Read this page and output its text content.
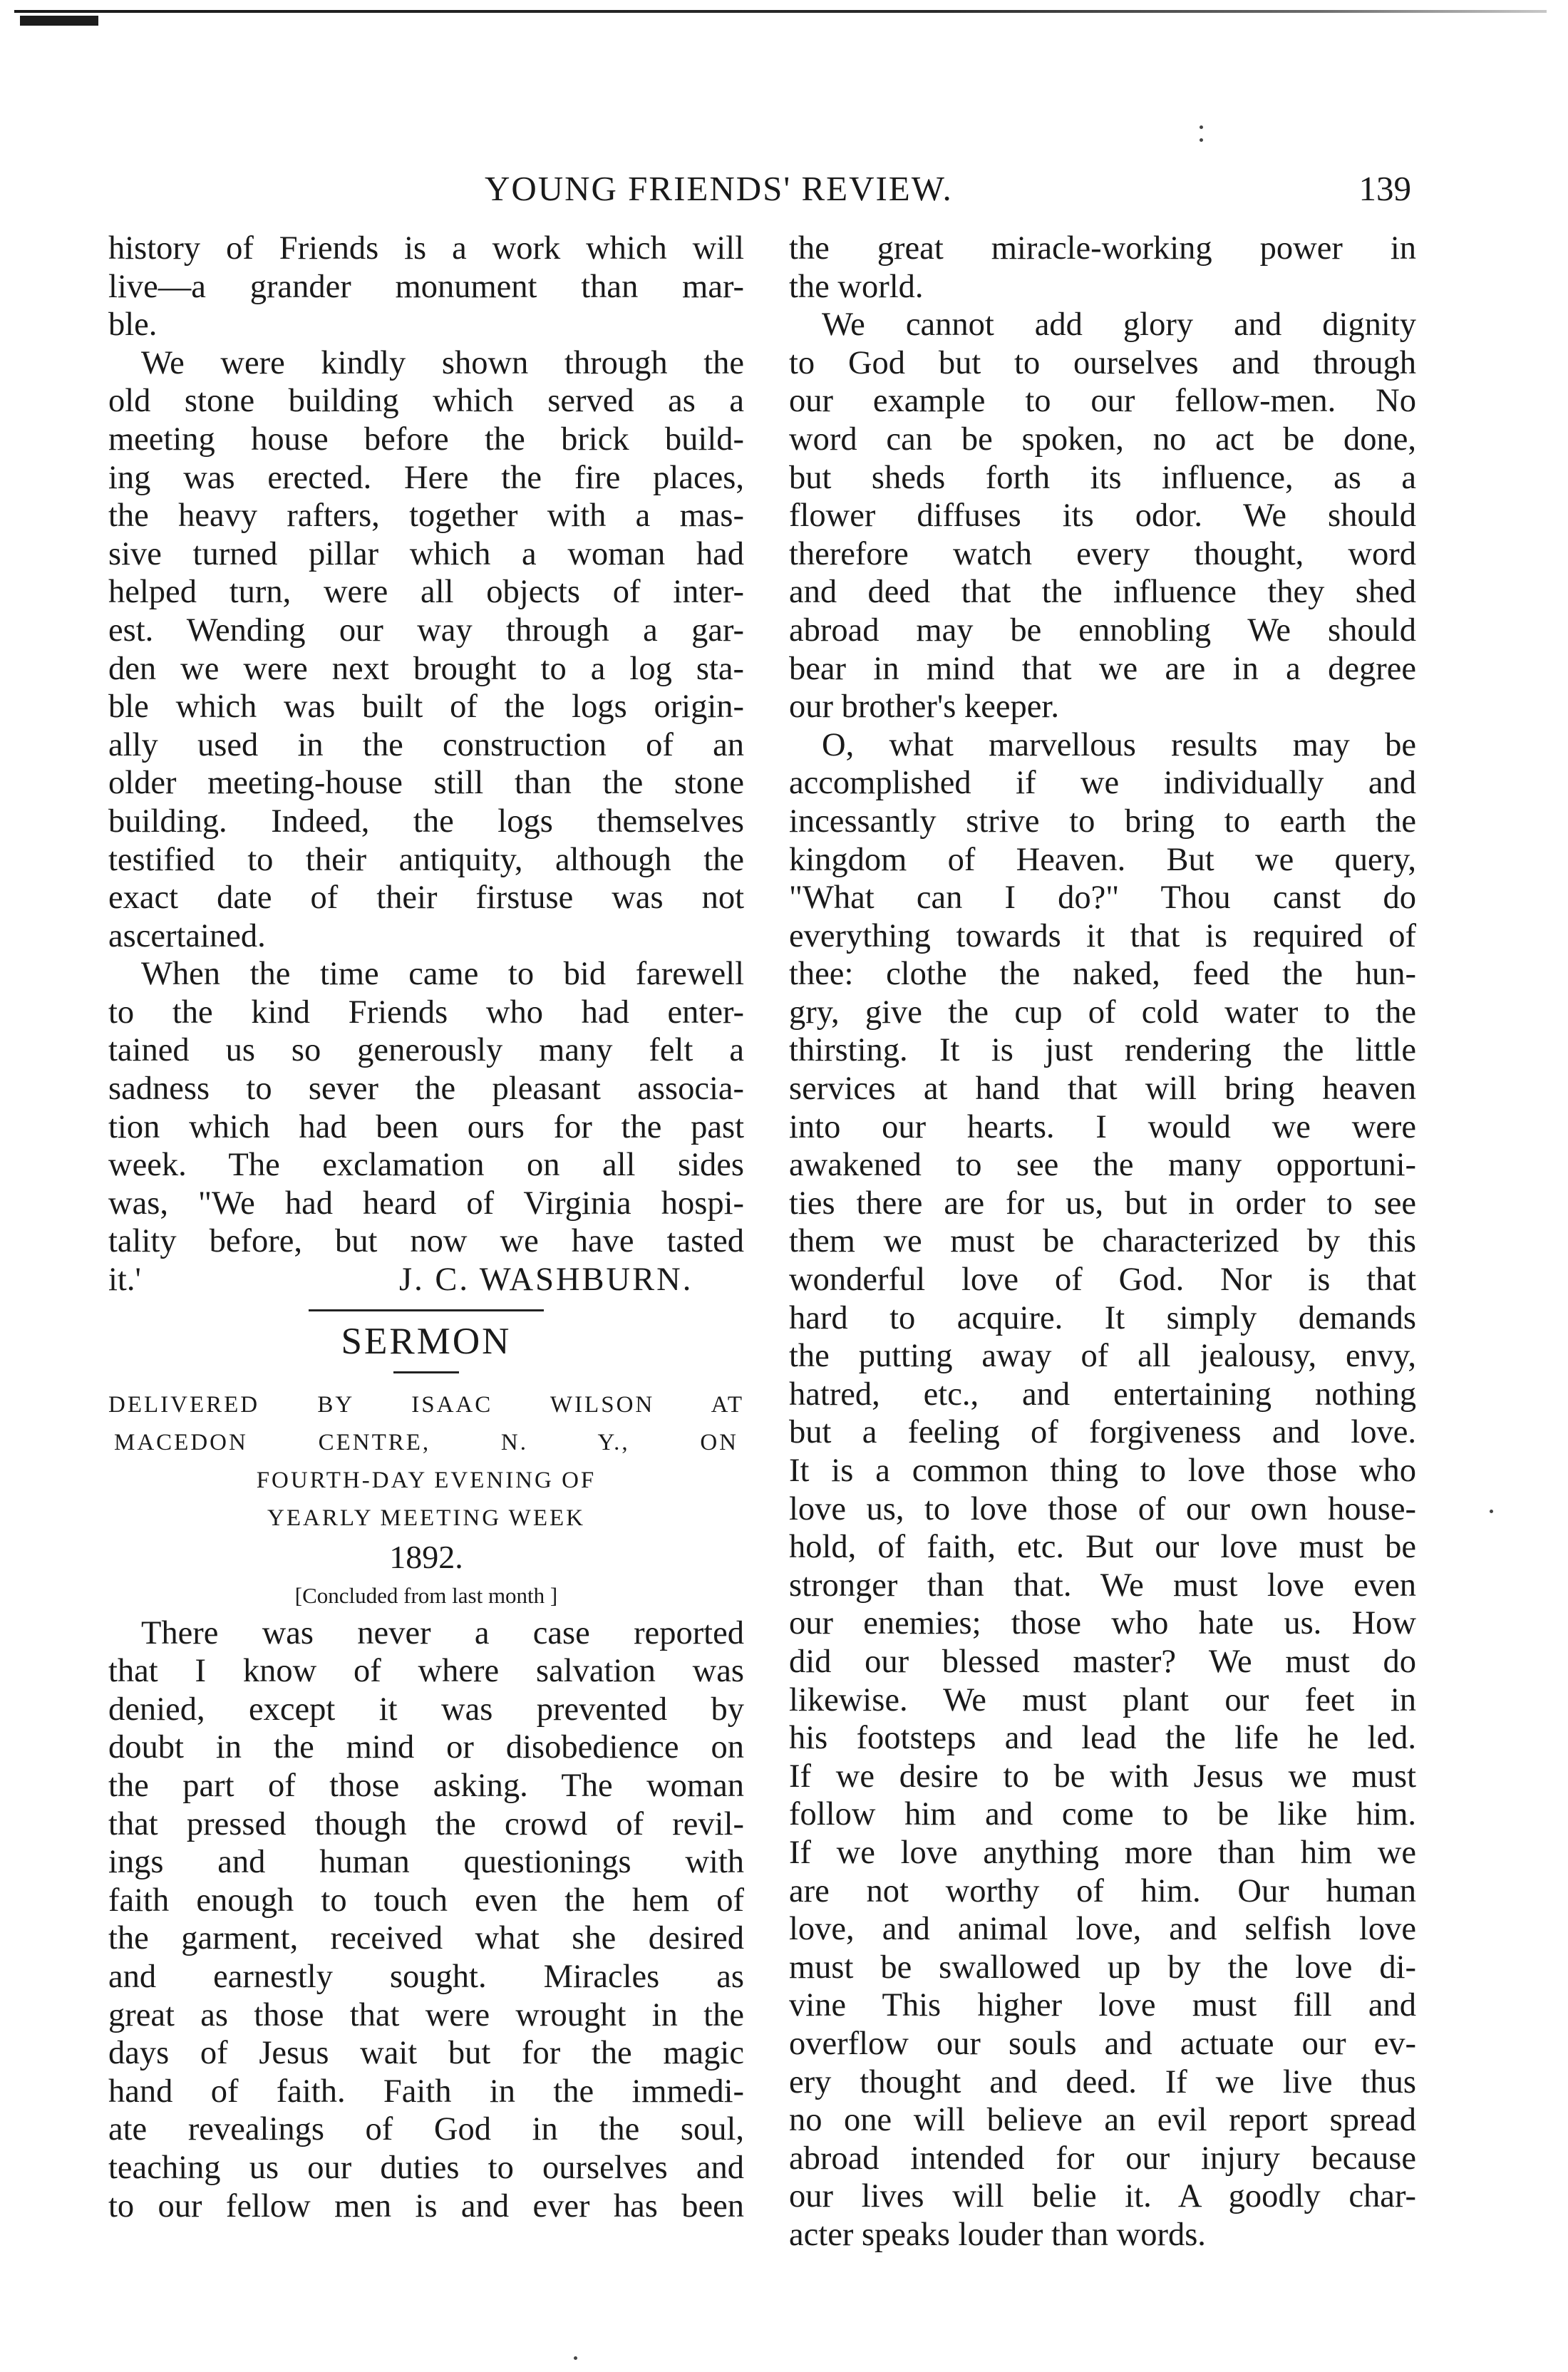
YOUNG FRIENDS' REVIEW.	139
history of Friends is a work which will
live—a grander monument than mar-
ble.
We were kindly shown through the
old stone building which served as a
meeting house before the brick build-
ing was erected. Here the fire places,
the heavy rafters, together with a mas-
sive turned pillar which a woman had
helped turn, were all objects of inter-
est. Wending our way through a gar-
den we were next brought to a log sta-
ble which was built of the logs origin-
ally used in the construction of an
older meeting-house still than the stone
building. Indeed, the logs themselves
testified to their antiquity, although the
exact date of their firstuse was not
ascertained.
When the time came to bid farewell
to the kind Friends who had enter-
tained us so generously many felt a
sadness to sever the pleasant associa-
tion which had been ours for the past
week. The exclamation on all sides
was, "We had heard of Virginia hospi-
tality before, but now we have tasted
it.'	J. C. WASHBURN.
SERMON
DELIVERED BY ISAAC WILSON AT
MACEDON CENTRE, N. Y., ON
FOURTH-DAY EVENING OF
YEARLY MEETING WEEK
1892.
[Concluded from last month ]
There was never a case reported
that I know of where salvation was
denied, except it was prevented by
doubt in the mind or disobedience on
the part of those asking. The woman
that pressed though the crowd of revil-
ings and human questionings with
faith enough to touch even the hem of
the garment, received what she desired
and earnestly sought. Miracles as
great as those that were wrought in the
days of Jesus wait but for the magic
hand of faith. Faith in the immedi-
ate revealings of God in the soul,
teaching us our duties to ourselves and
to our fellow men is and ever has been
the great miracle-working power in
the world.
We cannot add glory and dignity
to God but to ourselves and through
our example to our fellow-men. No
word can be spoken, no act be done,
but sheds forth its influence, as a
flower diffuses its odor. We should
therefore watch every thought, word
and deed that the influence they shed
abroad may be ennobling We should
bear in mind that we are in a degree
our brother's keeper.
O, what marvellous results may be
accomplished if we individually and
incessantly strive to bring to earth the
kingdom of Heaven. But we query,
"What can I do?" Thou canst do
everything towards it that is required of
thee: clothe the naked, feed the hun-
gry, give the cup of cold water to the
thirsting. It is just rendering the little
services at hand that will bring heaven
into our hearts. I would we were
awakened to see the many opportuni-
ties there are for us, but in order to see
them we must be characterized by this
wonderful love of God. Nor is that
hard to acquire. It simply demands
the putting away of all jealousy, envy,
hatred, etc., and entertaining nothing
but a feeling of forgiveness and love.
It is a common thing to love those who
love us, to love those of our own house-
hold, of faith, etc. But our love must be
stronger than that. We must love even
our enemies; those who hate us. How
did our blessed master? We must do
likewise. We must plant our feet in
his footsteps and lead the life he led.
If we desire to be with Jesus we must
follow him and come to be like him.
If we love anything more than him we
are not worthy of him. Our human
love, and animal love, and selfish love
must be swallowed up by the love di-
vine This higher love must fill and
overflow our souls and actuate our ev-
ery thought and deed. If we live thus
no one will believe an evil report spread
abroad intended for our injury because
our lives will belie it. A goodly char-
acter speaks louder than words.
